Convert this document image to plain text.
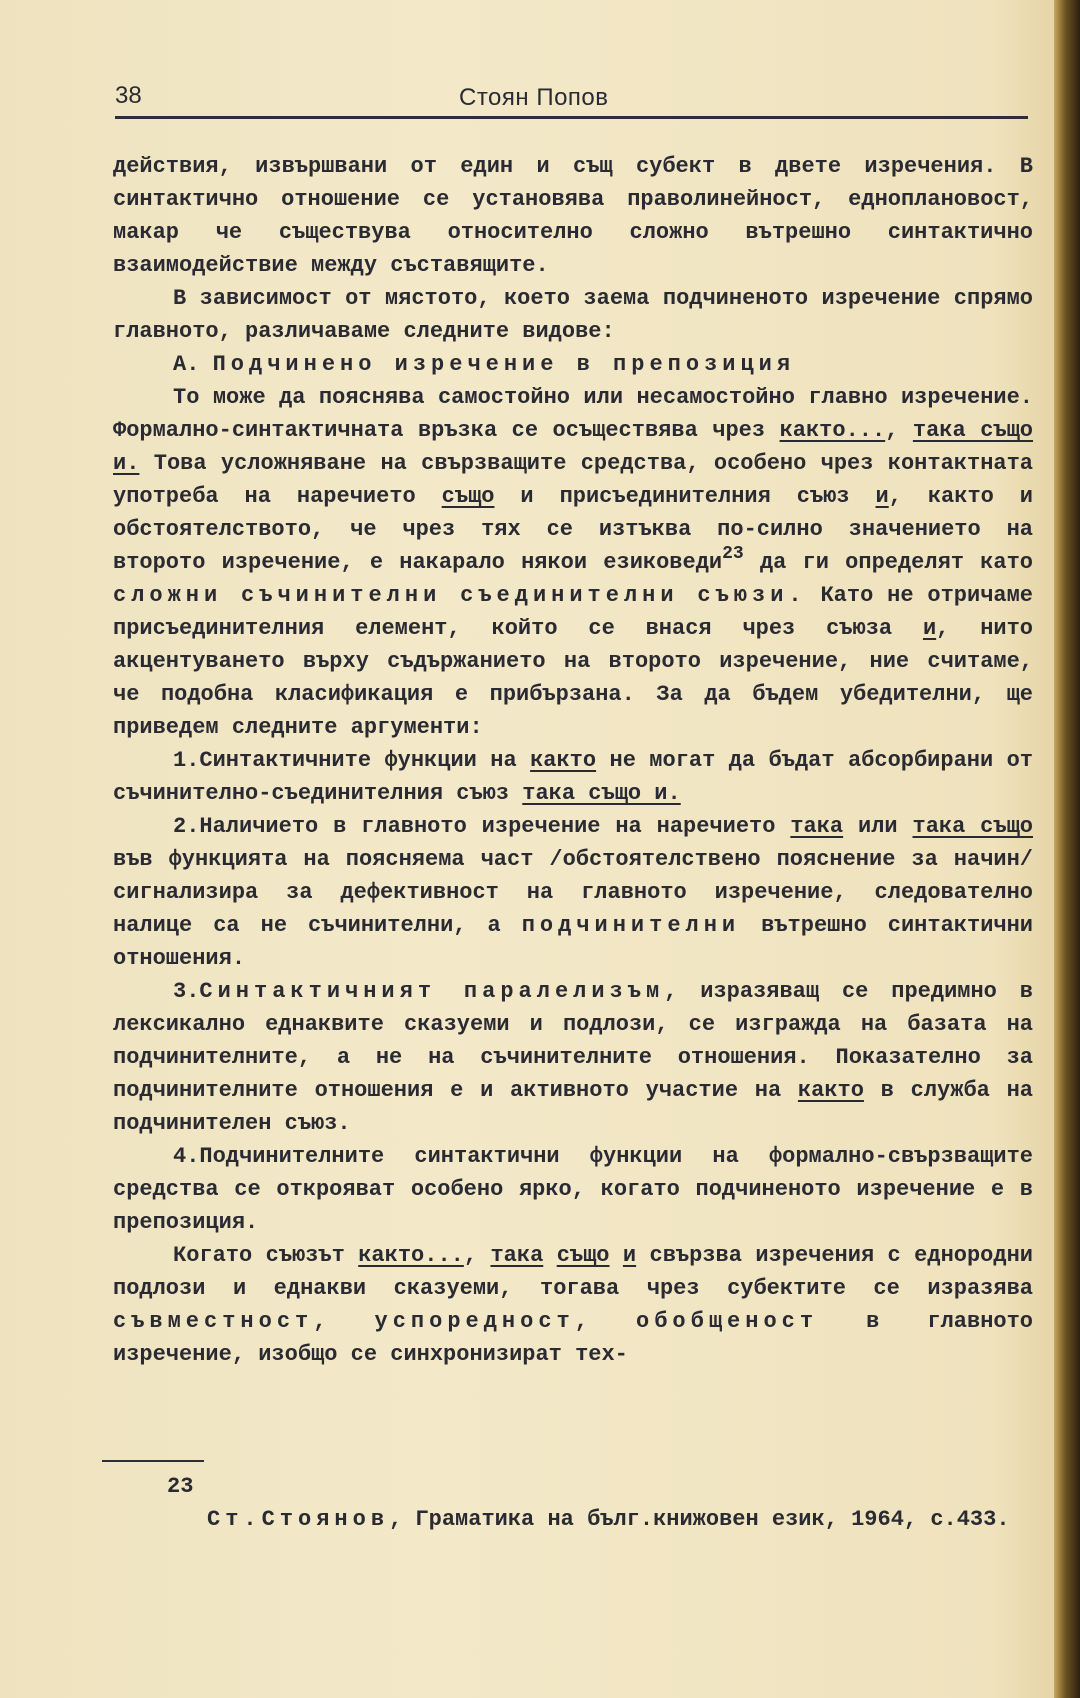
38	Стоян Попов

действия, извършвани от един и същ субект в двете изречения. В синтактично отношение се установява праволинейност, еднoплановост, макар че съществува относително сложно вътрешно синтактично взаимодействие между съставящите.

В зависимост от мястото, което заема подчиненото изречение спрямо главното, различаваме следните видове:

А. Подчинено изречение в препозиция

То може да пояснява самостойно или несамостойно главно изречение. Формално-синтактичната връзка се осъществява чрез както..., така също и. Това усложняване на свързващите средства, особено чрез контактната употреба на наречието също и присъединителния съюз и, както и обстоятелството, че чрез тях се изтъква по-силно значението на второто изречение, е накарало някои езиковеди$^{23}$ да ги определят като сложни съчинителни съединителни съюзи. Като не отричаме присъединителния елемент, който се внася чрез съюза и, нито акцентуването върху съдържанието на второто изречение, ние считаме, че подобна класификация е прибързана. За да бъдем убедителни, ще приведем следните аргументи:

1.Синтактичните функции на както не могат да бъдат абсорбирани от съчинително-съединителния съюз така също и.

2.Наличието в главното изречение на наречието така или така също във функцията на поясняема част /обстоятелствено пояснение за начин/ сигнализира за дефективност на главното изречение, следователно налице са не съчинителни, а подчинителни вътрешно синтактични отношения.

3.Синтактичният паралелизъм, изразяващ се предимно в лексикално еднаквите сказуеми и подлози, се изгражда на базата на подчинителните, а не на съчинителните отношения. Показателно за подчинителните отношения е и активното участие на както в служба на подчинителен съюз.

4.Подчинителните синтактични функции на формално-свързващите средства се открояват особено ярко, когато подчиненото изречение е в препозиция.

Когато съюзът както..., така също и свързва изречения с еднородни подлози и еднакви сказуеми, тогава чрез субектите се изразява съвместност, успоредност, обобщеност в главното изречение, изобщо се синхронизират тех-

23
Ст.Стоянов, Граматика на бълг.книжовен език, 1964, с.433.
